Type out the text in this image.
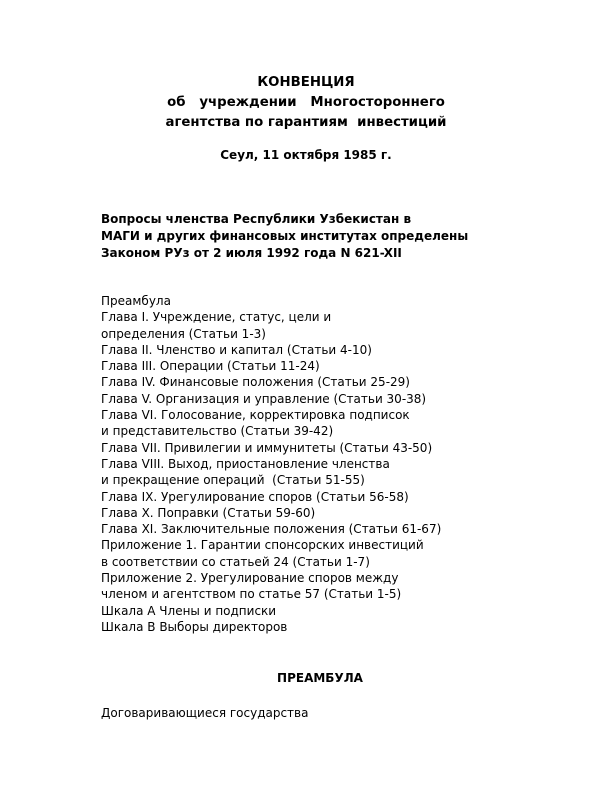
КОНВЕНЦИЯ
об   учреждении   Многостороннего
агентства по гарантиям  инвестиций
Сеул, 11 октября 1985 г.
Вопросы членства Республики Узбекистан в
МАГИ и других финансовых институтах определены
Законом РУз от 2 июля 1992 года N 621-XII
Преамбула
Глава I. Учреждение, статус, цели и
определения (Статьи 1-3)
Глава II. Членство и капитал (Статьи 4-10)
Глава III. Операции (Статьи 11-24)
Глава IV. Финансовые положения (Статьи 25-29)
Глава V. Организация и управление (Статьи 30-38)
Глава VI. Голосование, корректировка подписок
и представительство (Статьи 39-42)
Глава VII. Привилегии и иммунитеты (Статьи 43-50)
Глава VIII. Выход, приостановление членства
и прекращение операций  (Статьи 51-55)
Глава IX. Урегулирование споров (Статьи 56-58)
Глава X. Поправки (Статьи 59-60)
Глава XI. Заключительные положения (Статьи 61-67)
Приложение 1. Гарантии спонсорских инвестиций
в соответствии со статьей 24 (Статьи 1-7)
Приложение 2. Урегулирование споров между
членом и агентством по статье 57 (Статьи 1-5)
Шкала А Члены и подписки
Шкала B Выборы директоров
ПРЕАМБУЛА
Договаривающиеся государства
